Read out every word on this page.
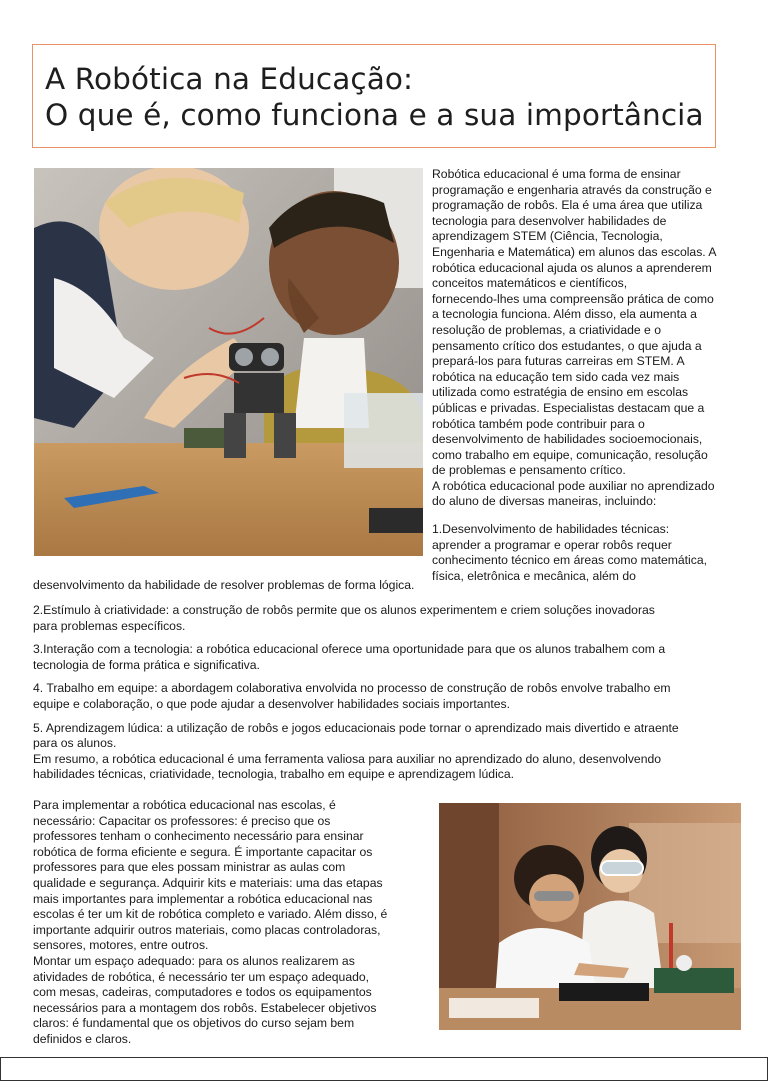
A Robótica na Educação:
O que é, como funciona e a sua importância
Robótica educacional é uma forma de ensinar
programação e engenharia através da construção e
programação de robôs. Ela é uma área que utiliza
tecnologia para desenvolver habilidades de
aprendizagem STEM (Ciência, Tecnologia,
Engenharia e Matemática) em alunos das escolas. A
robótica educacional ajuda os alunos a aprenderem
conceitos matemáticos e científicos,
fornecendo-lhes uma compreensão prática de como
a tecnologia funciona. Além disso, ela aumenta a
resolução de problemas, a criatividade e o
pensamento crítico dos estudantes, o que ajuda a
prepará-los para futuras carreiras em STEM. A
robótica na educação tem sido cada vez mais
utilizada como estratégia de ensino em escolas
públicas e privadas. Especialistas destacam que a
robótica também pode contribuir para o
desenvolvimento de habilidades socioemocionais,
como trabalho em equipe, comunicação, resolução
de problemas e pensamento crítico.
A robótica educacional pode auxiliar no aprendizado
do aluno de diversas maneiras, incluindo:
1.Desenvolvimento de habilidades técnicas:
aprender a programar e operar robôs requer
conhecimento técnico em áreas como matemática,
física, eletrônica e mecânica, além do
desenvolvimento da habilidade de resolver problemas de forma lógica.
2.Estímulo à criatividade: a construção de robôs permite que os alunos experimentem e criem soluções inovadoras
para problemas específicos.
3.Interação com a tecnologia: a robótica educacional oferece uma oportunidade para que os alunos trabalhem com a
tecnologia de forma prática e significativa.
4. Trabalho em equipe: a abordagem colaborativa envolvida no processo de construção de robôs envolve trabalho em
equipe e colaboração, o que pode ajudar a desenvolver habilidades sociais importantes.
5. Aprendizagem lúdica: a utilização de robôs e jogos educacionais pode tornar o aprendizado mais divertido e atraente
para os alunos.
Em resumo, a robótica educacional é uma ferramenta valiosa para auxiliar no aprendizado do aluno, desenvolvendo
habilidades técnicas, criatividade, tecnologia, trabalho em equipe e aprendizagem lúdica.
Para implementar a robótica educacional nas escolas, é
necessário: Capacitar os professores: é preciso que os
professores tenham o conhecimento necessário para ensinar
robótica de forma eficiente e segura. É importante capacitar os
professores para que eles possam ministrar as aulas com
qualidade e segurança. Adquirir kits e materiais: uma das etapas
mais importantes para implementar a robótica educacional nas
escolas é ter um kit de robótica completo e variado. Além disso, é
importante adquirir outros materiais, como placas controladoras,
sensores, motores, entre outros.
Montar um espaço adequado: para os alunos realizarem as
atividades de robótica, é necessário ter um espaço adequado,
com mesas, cadeiras, computadores e todos os equipamentos
necessários para a montagem dos robôs. Estabelecer objetivos
claros: é fundamental que os objetivos do curso sejam bem
definidos e claros.
